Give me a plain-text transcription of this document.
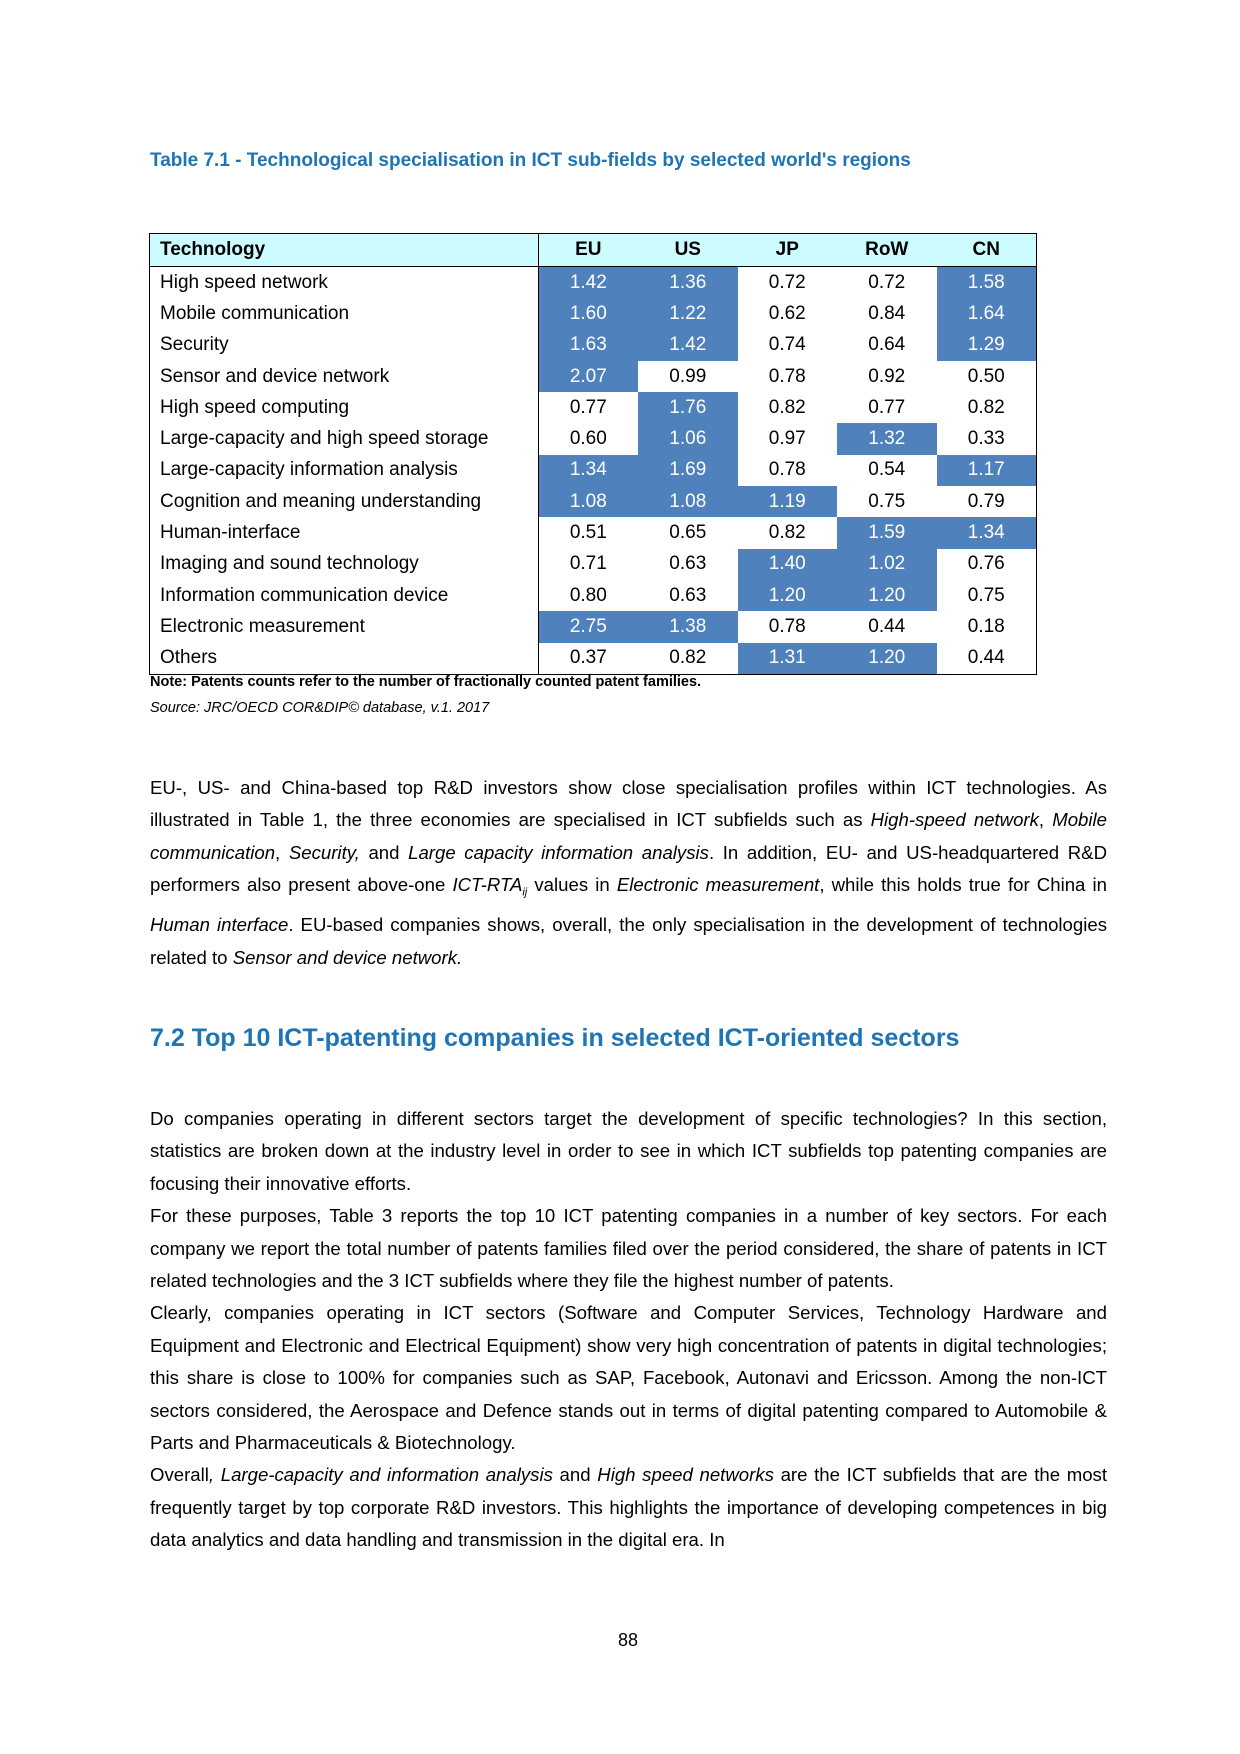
Table 7.1 - Technological specialisation in ICT sub-fields by selected world's regions
Technology	EU	US	JP	RoW	CN
High speed network	1.42	1.36	0.72	0.72	1.58
Mobile communication	1.60	1.22	0.62	0.84	1.64
Security	1.63	1.42	0.74	0.64	1.29
Sensor and device network	2.07	0.99	0.78	0.92	0.50
High speed computing	0.77	1.76	0.82	0.77	0.82
Large-capacity and high speed storage	0.60	1.06	0.97	1.32	0.33
Large-capacity information analysis	1.34	1.69	0.78	0.54	1.17
Cognition and meaning understanding	1.08	1.08	1.19	0.75	0.79
Human-interface	0.51	0.65	0.82	1.59	1.34
Imaging and sound technology	0.71	0.63	1.40	1.02	0.76
Information communication device	0.80	0.63	1.20	1.20	0.75
Electronic measurement	2.75	1.38	0.78	0.44	0.18
Others	0.37	0.82	1.31	1.20	0.44
Note: Patents counts refer to the number of fractionally counted patent families.
Source: JRC/OECD COR&DIP© database, v.1. 2017
EU-, US- and China-based top R&D investors show close specialisation profiles within ICT technologies. As illustrated in Table 1, the three economies are specialised in ICT subfields such as High-speed network, Mobile communication, Security, and Large capacity information analysis. In addition, EU- and US-headquartered R&D performers also present above-one ICT-$RTA_{ij}$ values in Electronic measurement, while this holds true for China in Human interface. EU-based companies shows, overall, the only specialisation in the development of technologies related to Sensor and device network.
7.2 Top 10 ICT-patenting companies in selected ICT-oriented sectors
Do companies operating in different sectors target the development of specific technologies? In this section, statistics are broken down at the industry level in order to see in which ICT subfields top patenting companies are focusing their innovative efforts.
For these purposes, Table 3 reports the top 10 ICT patenting companies in a number of key sectors. For each company we report the total number of patents families filed over the period considered, the share of patents in ICT related technologies and the 3 ICT subfields where they file the highest number of patents.
Clearly, companies operating in ICT sectors (Software and Computer Services, Technology Hardware and Equipment and Electronic and Electrical Equipment) show very high concentration of patents in digital technologies; this share is close to 100% for companies such as SAP, Facebook, Autonavi and Ericsson. Among the non-ICT sectors considered, the Aerospace and Defence stands out in terms of digital patenting compared to Automobile & Parts and Pharmaceuticals & Biotechnology.
Overall, Large-capacity and information analysis and High speed networks are the ICT subfields that are the most frequently target by top corporate R&D investors. This highlights the importance of developing competences in big data analytics and data handling and transmission in the digital era. In
88
